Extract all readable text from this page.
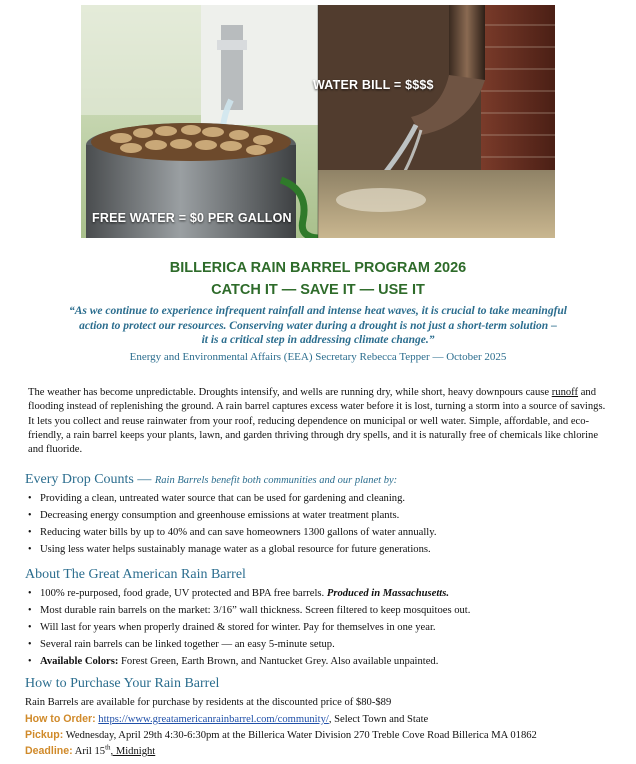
WATER BILL = $$$$
FREE WATER = $0 PER GALLON
BILLERICA RAIN BARREL PROGRAM 2026
CATCH IT — SAVE IT — USE IT
“As we continue to experience infrequent rainfall and intense heat waves, it is crucial to take meaningful
action to protect our resources. Conserving water during a drought is not just a short-term solution –
it is a critical step in addressing climate change.”
Energy and Environmental Affairs (EEA) Secretary Rebecca Tepper — October 2025
The weather has become unpredictable. Droughts intensify, and wells are running dry, while short, heavy downpours cause runoff and flooding instead of replenishing the ground. A rain barrel captures excess water before it is lost, turning a storm into a source of savings. It lets you collect and reuse rainwater from your roof, reducing dependence on municipal or well water. Simple, affordable, and eco-friendly, a rain barrel keeps your plants, lawn, and garden thriving through dry spells, and it is naturally free of chemicals like chlorine and fluoride.
Every Drop Counts — Rain Barrels benefit both communities and our planet by:
• Providing a clean, untreated water source that can be used for gardening and cleaning.
• Decreasing energy consumption and greenhouse emissions at water treatment plants.
• Reducing water bills by up to 40% and can save homeowners 1300 gallons of water annually.
• Using less water helps sustainably manage water as a global resource for future generations.
About The Great American Rain Barrel
• 100% re-purposed, food grade, UV protected and BPA free barrels. Produced in Massachusetts.
• Most durable rain barrels on the market: 3/16” wall thickness. Screen filtered to keep mosquitoes out.
• Will last for years when properly drained & stored for winter. Pay for themselves in one year.
• Several rain barrels can be linked together — an easy 5-minute setup.
• Available Colors: Forest Green, Earth Brown, and Nantucket Grey. Also available unpainted.
How to Purchase Your Rain Barrel
Rain Barrels are available for purchase by residents at the discounted price of $80-$89
How to Order: https://www.greatamericanrainbarrel.com/community/, Select Town and State
Pickup: Wednesday, April 29th 4:30-6:30pm at the Billerica Water Division 270 Treble Cove Road Billerica MA 01862
Deadline: Aril 15th, Midnight
